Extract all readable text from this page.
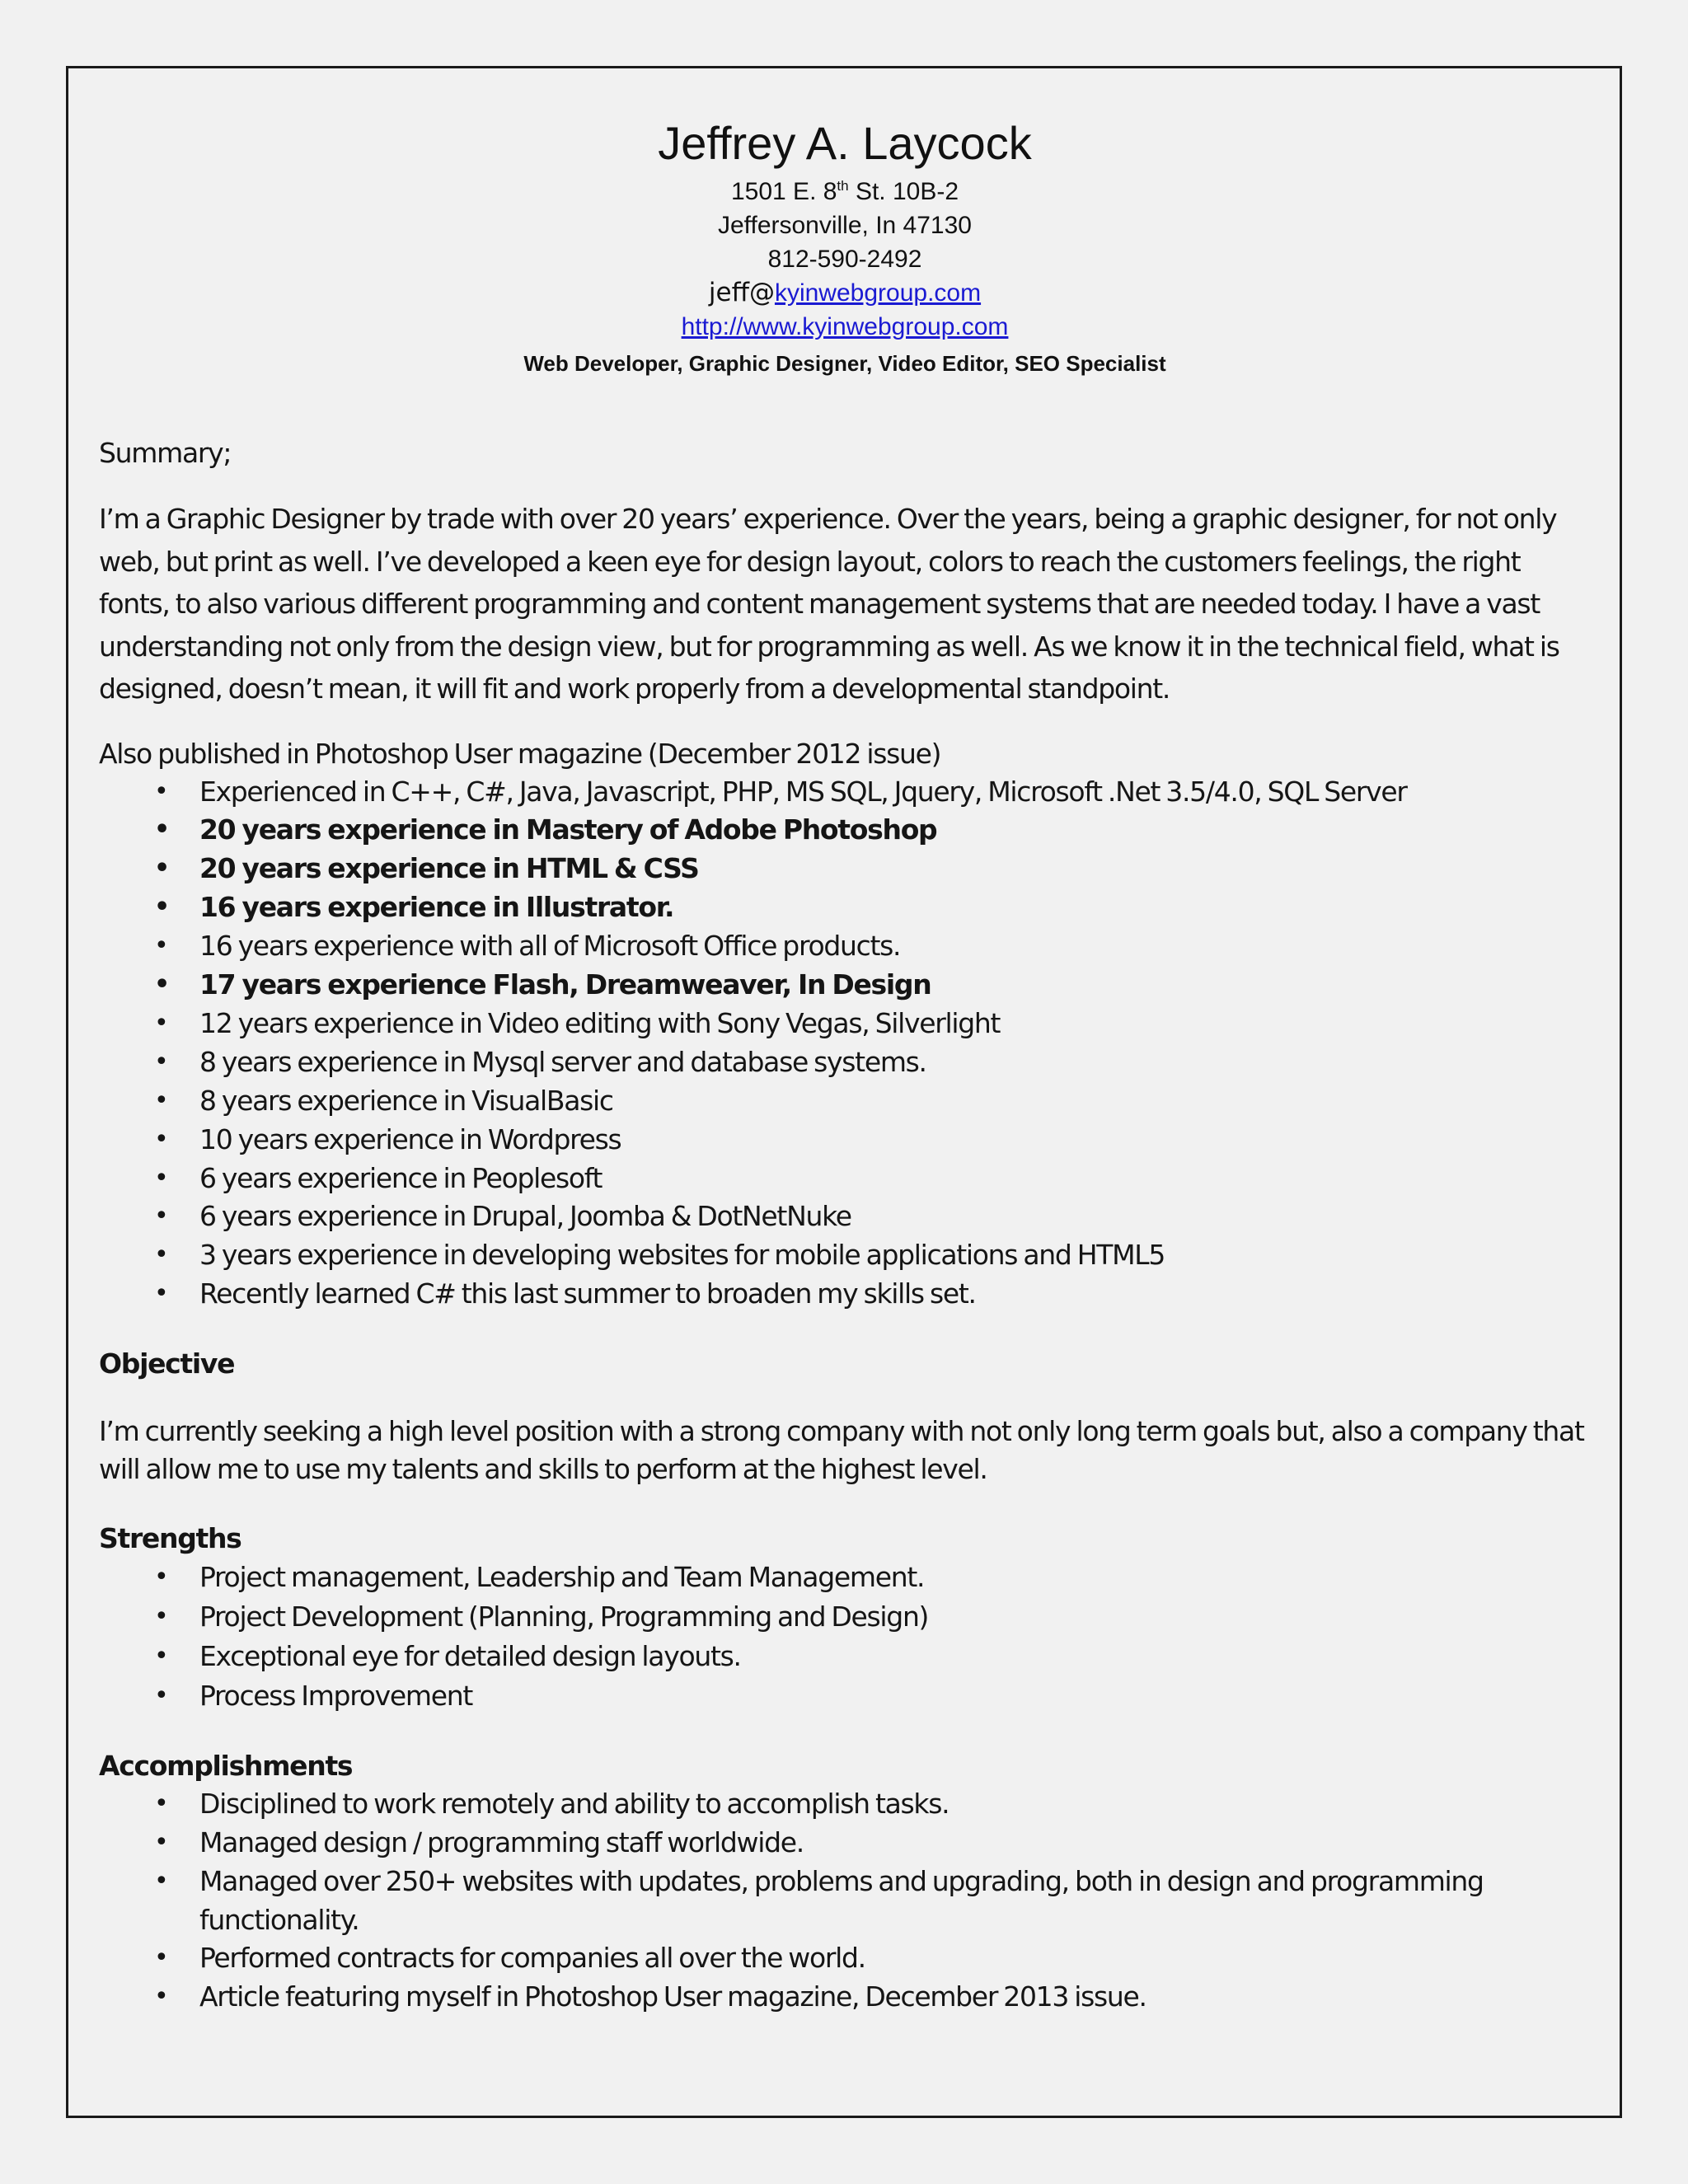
Jeffrey A. Laycock
1501 E. 8th St. 10B-2
Jeffersonville, In 47130
812-590-2492
jeff@kyinwebgroup.com
http://www.kyinwebgroup.com
Web Developer, Graphic Designer, Video Editor, SEO Specialist
Summary;
I’m a Graphic Designer by trade with over 20 years’ experience. Over the years, being a graphic designer, for not only web, but print as well. I’ve developed a keen eye for design layout, colors to reach the customers feelings, the right fonts, to also various different programming and content management systems that are needed today. I have a vast understanding not only from the design view, but for programming as well. As we know it in the technical field, what is designed, doesn’t mean, it will fit and work properly from a developmental standpoint.
Also published in Photoshop User magazine (December 2012 issue)
• Experienced in C++, C#, Java, Javascript, PHP, MS SQL, Jquery, Microsoft .Net 3.5/4.0, SQL Server
• 20 years experience in Mastery of Adobe Photoshop
• 20 years experience in HTML & CSS
• 16 years experience in Illustrator.
• 16 years experience with all of Microsoft Office products.
• 17 years experience Flash, Dreamweaver, In Design
• 12 years experience in Video editing with Sony Vegas, Silverlight
• 8 years experience in Mysql server and database systems.
• 8 years experience in VisualBasic
• 10 years experience in Wordpress
• 6 years experience in Peoplesoft
• 6 years experience in Drupal, Joomba & DotNetNuke
• 3 years experience in developing websites for mobile applications and HTML5
• Recently learned C# this last summer to broaden my skills set.
Objective
I’m currently seeking a high level position with a strong company with not only long term goals but, also a company that will allow me to use my talents and skills to perform at the highest level.
Strengths
• Project management, Leadership and Team Management.
• Project Development (Planning, Programming and Design)
• Exceptional eye for detailed design layouts.
• Process Improvement
Accomplishments
• Disciplined to work remotely and ability to accomplish tasks.
• Managed design / programming staff worldwide.
• Managed over 250+ websites with updates, problems and upgrading, both in design and programming functionality.
• Performed contracts for companies all over the world.
• Article featuring myself in Photoshop User magazine, December 2013 issue.
